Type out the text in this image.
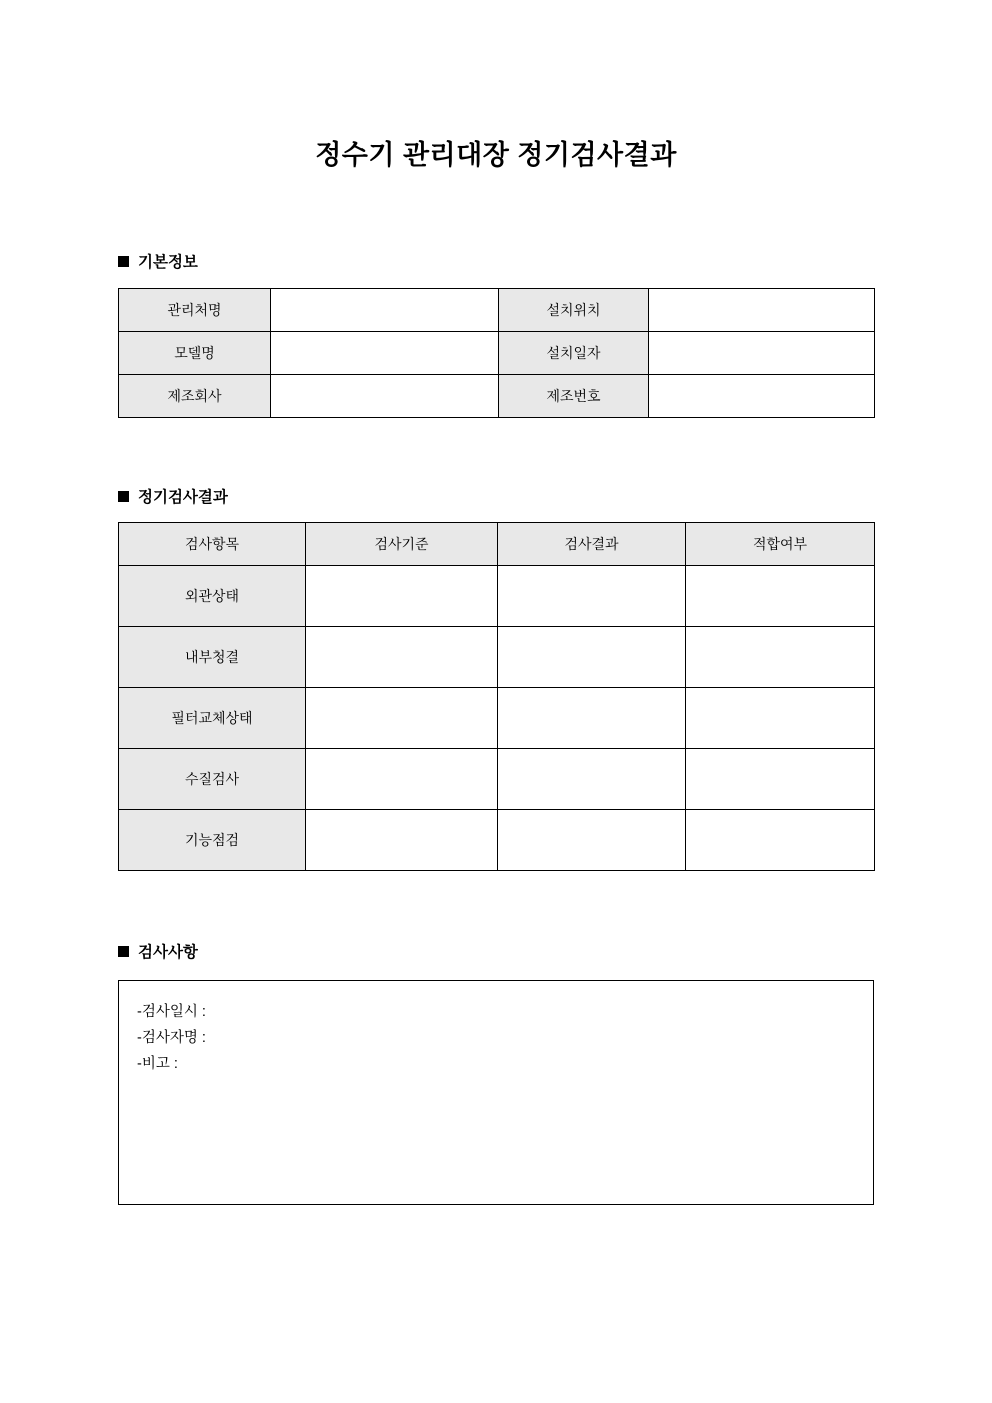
정수기 관리대장 정기검사결과
기본정보
관리처명		설치위치	
모델명		설치일자	
제조회사		제조번호	
정기검사결과
검사항목	검사기준	검사결과	적합여부
외관상태			
내부청결			
필터교체상태			
수질검사			
기능점검			
검사사항
-검사일시 :
-검사자명 :
-비고 :
